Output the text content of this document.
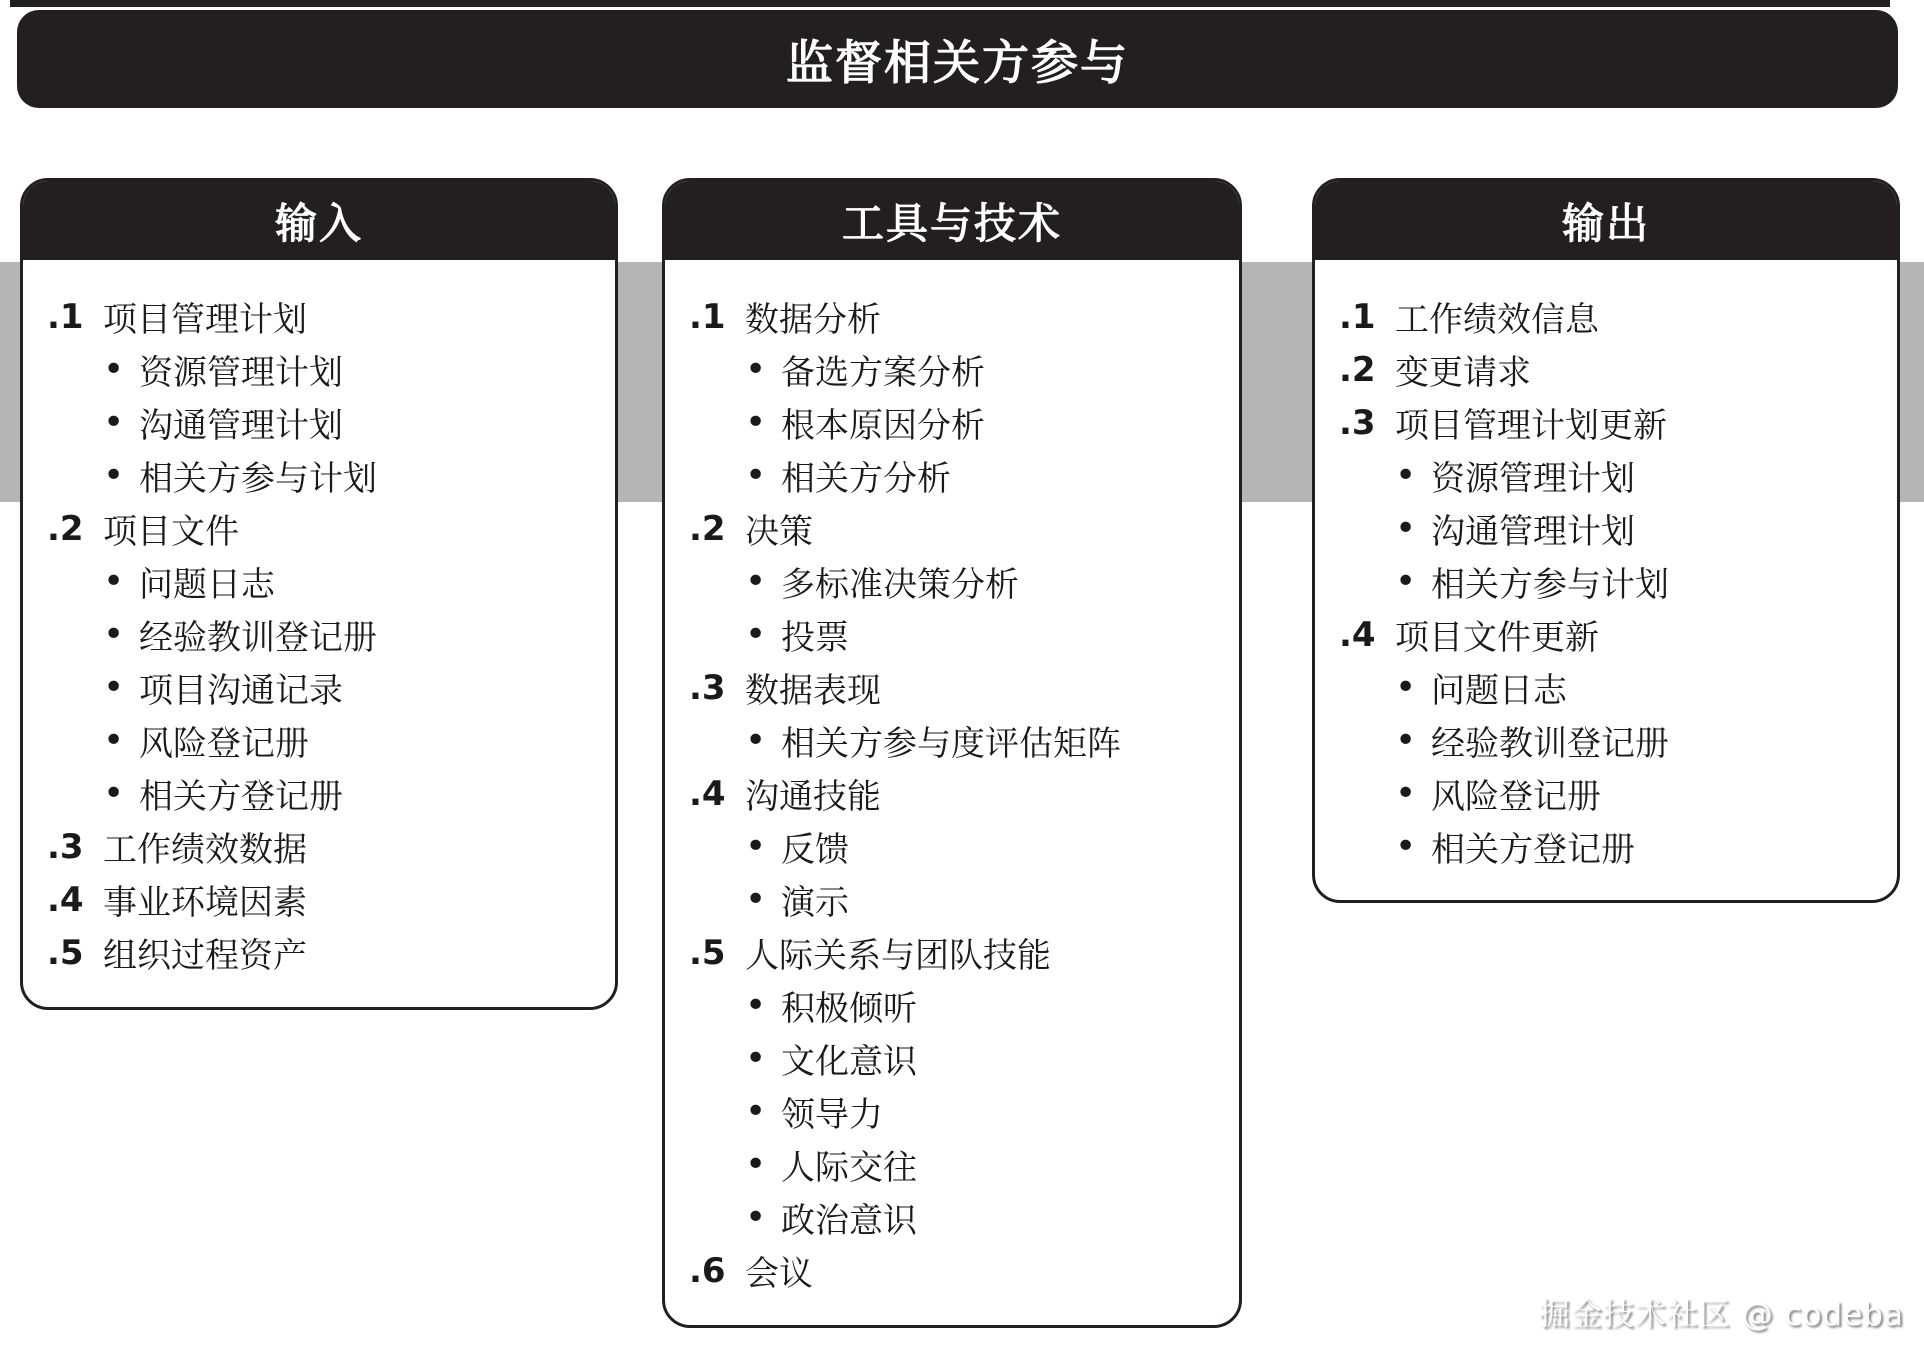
监督相关方参与
输入
.1 项目管理计划
• 资源管理计划
• 沟通管理计划
• 相关方参与计划
.2 项目文件
• 问题日志
• 经验教训登记册
• 项目沟通记录
• 风险登记册
• 相关方登记册
.3 工作绩效数据
.4 事业环境因素
.5 组织过程资产
工具与技术
.1 数据分析
• 备选方案分析
• 根本原因分析
• 相关方分析
.2 决策
• 多标准决策分析
• 投票
.3 数据表现
• 相关方参与度评估矩阵
.4 沟通技能
• 反馈
• 演示
.5 人际关系与团队技能
• 积极倾听
• 文化意识
• 领导力
• 人际交往
• 政治意识
.6 会议
输出
.1 工作绩效信息
.2 变更请求
.3 项目管理计划更新
• 资源管理计划
• 沟通管理计划
• 相关方参与计划
.4 项目文件更新
• 问题日志
• 经验教训登记册
• 风险登记册
• 相关方登记册
掘金技术社区 @ codeba
